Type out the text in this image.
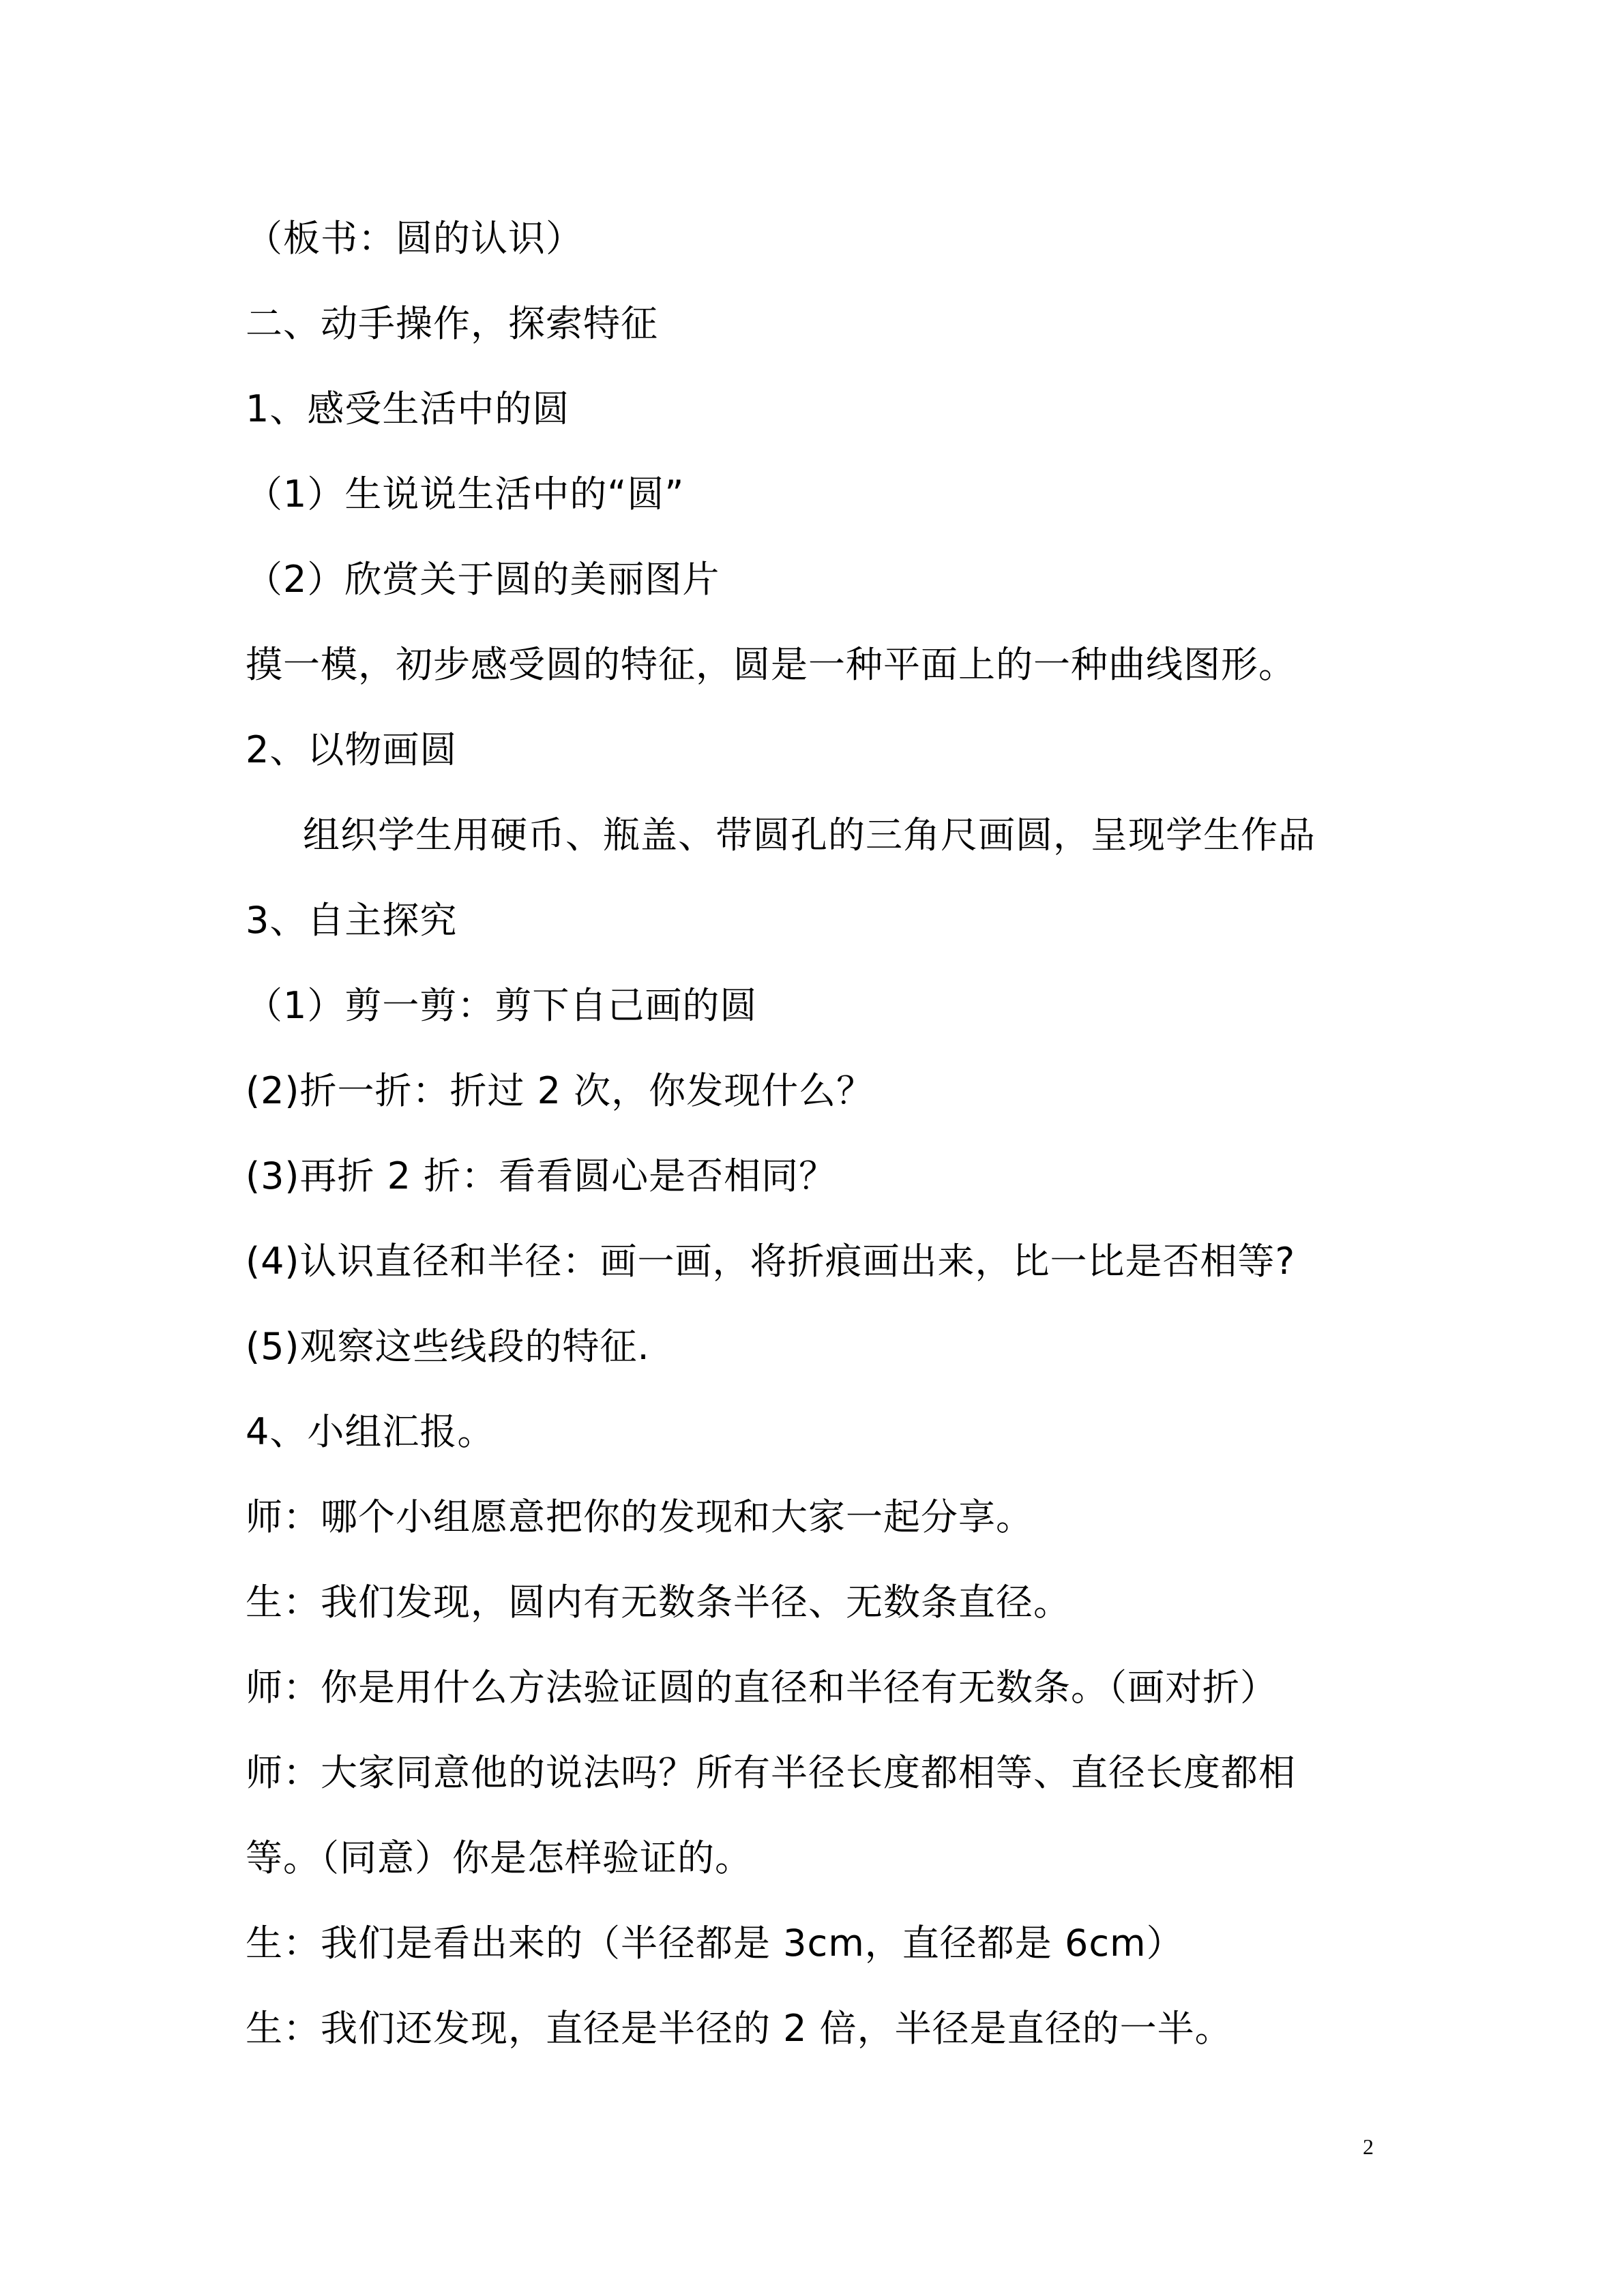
（板书：圆的认识）
二、动手操作，探索特征
1、感受生活中的圆
（1）生说说生活中的“圆”
（2）欣赏关于圆的美丽图片
摸一模，初步感受圆的特征，圆是一种平面上的一种曲线图形。
2、以物画圆
组织学生用硬币、瓶盖、带圆孔的三角尺画圆，呈现学生作品
3、自主探究
（1）剪一剪：剪下自己画的圆
(2)折一折：折过 2 次，你发现什么？
(3)再折 2 折：看看圆心是否相同？
(4)认识直径和半径：画一画，将折痕画出来，比一比是否相等?
(5)观察这些线段的特征.
4、小组汇报。
师：哪个小组愿意把你的发现和大家一起分享。
生：我们发现，圆内有无数条半径、无数条直径。
师：你是用什么方法验证圆的直径和半径有无数条。（画对折）
师：大家同意他的说法吗？所有半径长度都相等、直径长度都相
等。（同意）你是怎样验证的。
生：我们是看出来的（半径都是 3cm，直径都是 6cm）
生：我们还发现，直径是半径的 2 倍，半径是直径的一半。
2
